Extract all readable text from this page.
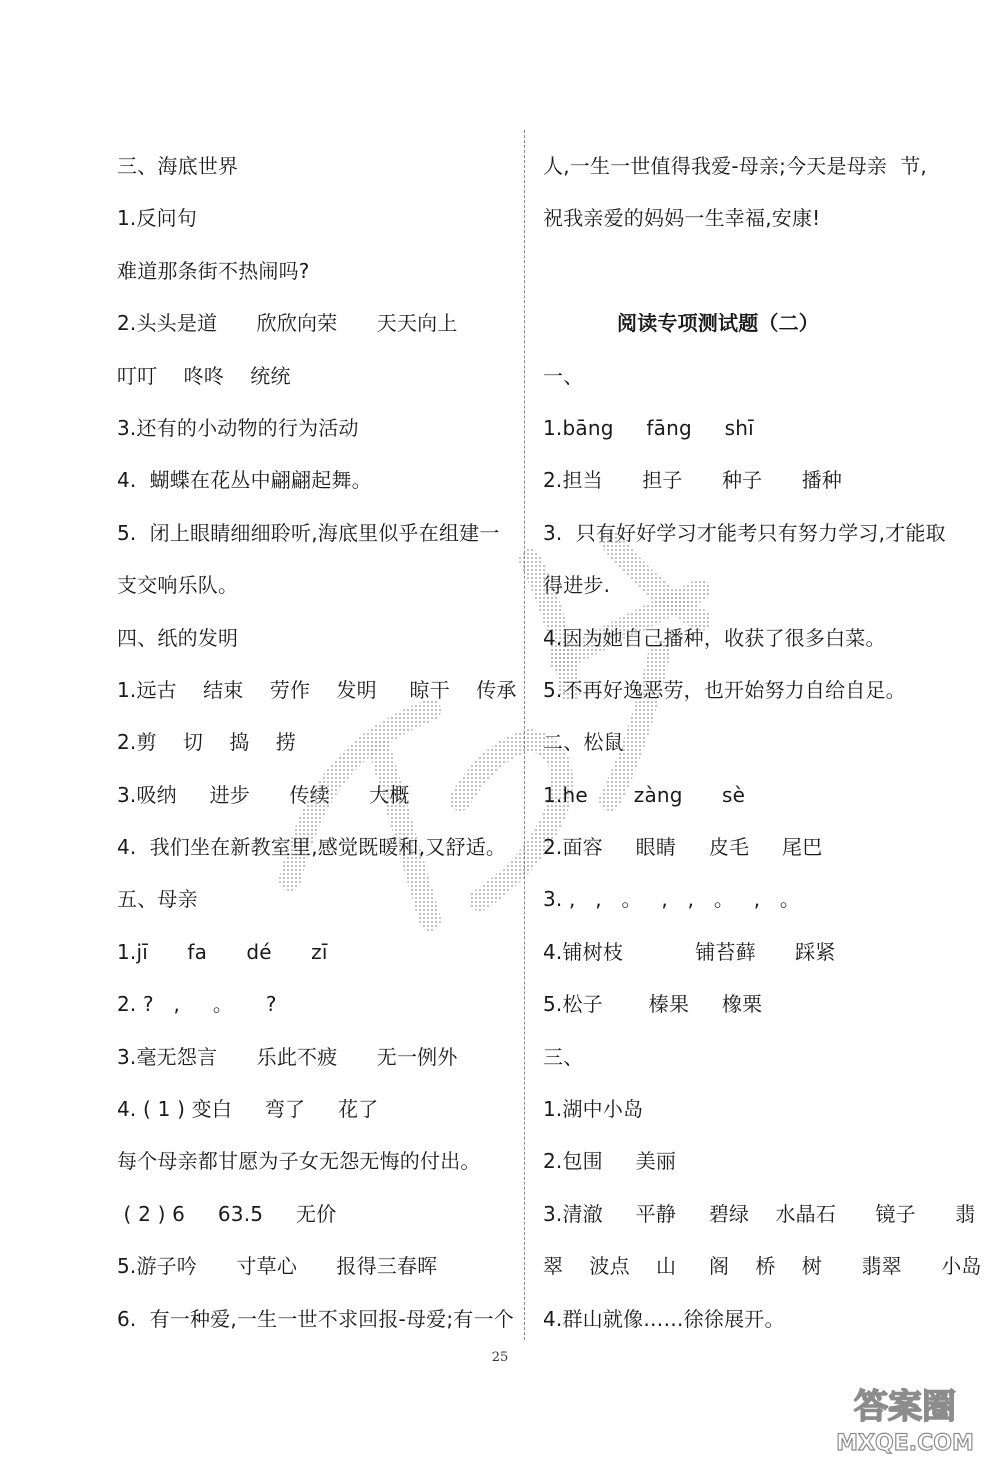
三、海底世界
1.反问句
难道那条街不热闹吗?
2.头头是道      欣欣向荣      天天向上
叮叮    咚咚    统统
3.还有的小动物的行为活动
4.  蝴蝶在花丛中翩翩起舞。
5.  闭上眼睛细细聆听,海底里似乎在组建一
支交响乐队。
四、纸的发明
1.远古    结束    劳作    发明     晾干    传承
2.剪    切    捣    捞
3.吸纳     进步      传续      大概
4.  我们坐在新教室里,感觉既暖和,又舒适。
五、母亲
1.jī      fa      dé      zī
2. ?   ,     。     ?
3.毫无怨言      乐此不疲      无一例外
4. ( 1 ) 变白     弯了     花了
每个母亲都甘愿为子女无怨无悔的付出。
( 2 ) 6     63.5     无价
5.游子吟      寸草心      报得三春晖
6.  有一种爱,一生一世不求回报-母爱;有一个
人,一生一世值得我爱-母亲;今天是母亲  节,
祝我亲爱的妈妈一生幸福,安康!
阅读专项测试题（二）
一、
1.bāng     fāng     shī
2.担当      担子      种子      播种
3.  只有好好学习才能考只有努力学习,才能取
得进步.
4.因为她自己播种，收获了很多白菜。
5.不再好逸恶劳，也开始努力自给自足。
二、松鼠
1.he       zàng      sè
2.面容     眼睛     皮毛     尾巴
3. ,   ,   。   ,   ,   。   ,   。
4.铺树枝           铺苔藓      踩紧
5.松子       榛果     橡栗
三、
1.湖中小岛
2.包围     美丽
3.清澈     平静     碧绿    水晶石      镜子      翡
翠    波点    山     阁    桥    树      翡翠      小岛
4.群山就像……徐徐展开。
25
答案圈
MXQE.COM
